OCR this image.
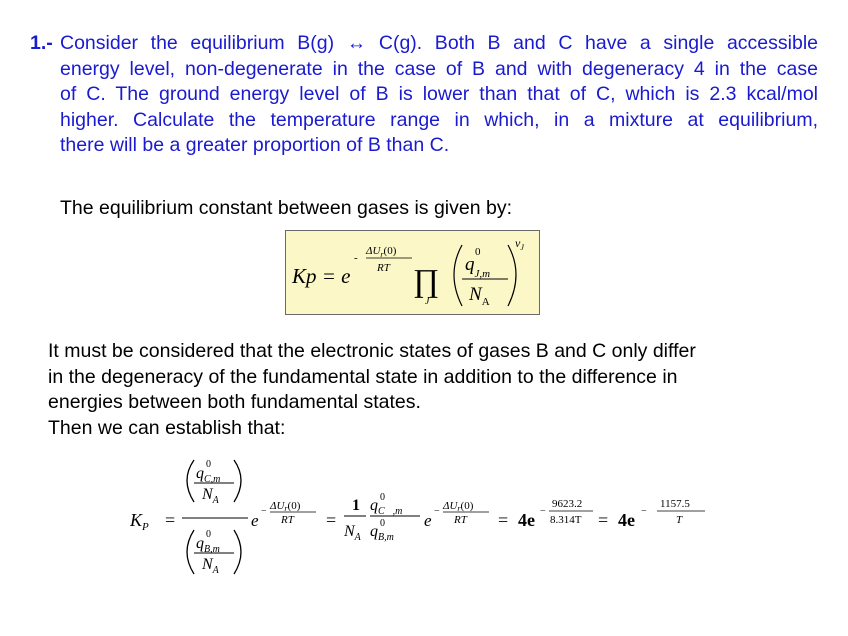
1.- Consider the equilibrium B(g) ↔ C(g). Both B and C have a single accessible
energy level, non-degenerate in the case of B and with degeneracy 4 in the case
of C. The ground energy level of B is lower than that of C, which is 2.3 kcal/mol
higher. Calculate the temperature range in which, in a mixture at equilibrium,
there will be a greater proportion of B than C.
The equilibrium constant between gases is given by:
Kp = e
-
$\Delta U_r(0)$
RT ∏
J
$q_{J,m}$
0
$N_A$
$\nu_J$
It must be considered that the electronic states of gases B and C only differ
in the degeneracy of the fundamental state in addition to the difference in
energies between both fundamental states.
Then we can establish that:
$K_P$ =
$q_{C,m}$
0
$N_A$
$q_{B,m}$
0
$N_A$
e − ΔUr(0)
RT =
1
$N_A$
$q_C$ ,m
0
$q_{B,m}$
0 e − ΔUr(0)
RT = 4e −
9623.2
8.314T = 4e −
1157.5
T
